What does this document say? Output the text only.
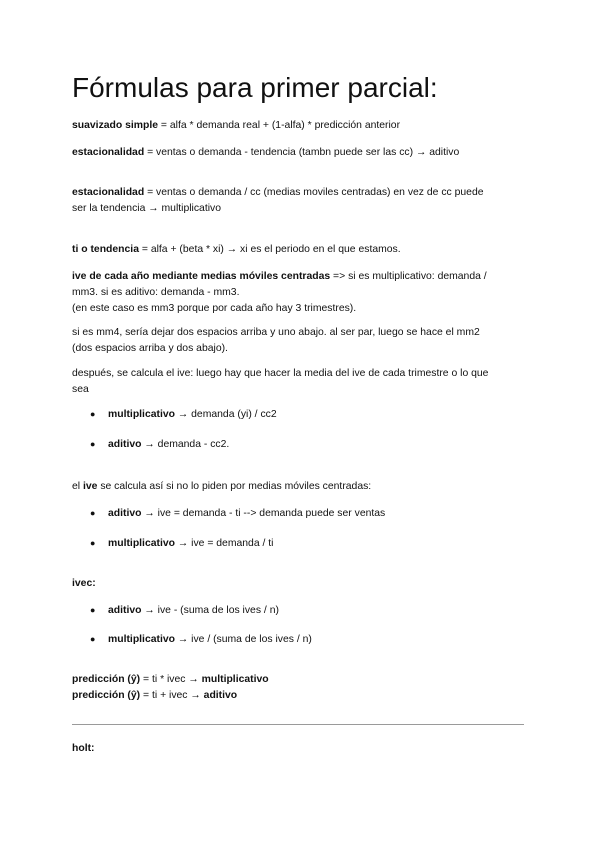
Fórmulas para primer parcial:

suavizado simple = alfa * demanda real + (1-alfa) * predicción anterior

estacionalidad = ventas o demanda - tendencia (tambn puede ser las cc) → aditivo

estacionalidad = ventas o demanda / cc (medias moviles centradas) en vez de cc puede
ser la tendencia → multiplicativo

ti o tendencia = alfa + (beta * xi) → xi es el periodo en el que estamos.

ive de cada año mediante medias móviles centradas => si es multiplicativo: demanda /
mm3. si es aditivo: demanda - mm3.
(en este caso es mm3 porque por cada año hay 3 trimestres).

si es mm4, sería dejar dos espacios arriba y uno abajo. al ser par, luego se hace el mm2
(dos espacios arriba y dos abajo).

después, se calcula el ive: luego hay que hacer la media del ive de cada trimestre o lo que
sea

● multiplicativo → demanda (yi) / cc2

● aditivo → demanda - cc2.

el ive se calcula así si no lo piden por medias móviles centradas:

● aditivo → ive = demanda - ti --> demanda puede ser ventas

● multiplicativo → ive = demanda / ti

ivec:

● aditivo → ive - (suma de los ives / n)

● multiplicativo → ive / (suma de los ives / n)

predicción (ŷ) = ti * ivec → multiplicativo
predicción (ŷ) = ti + ivec → aditivo

holt:
